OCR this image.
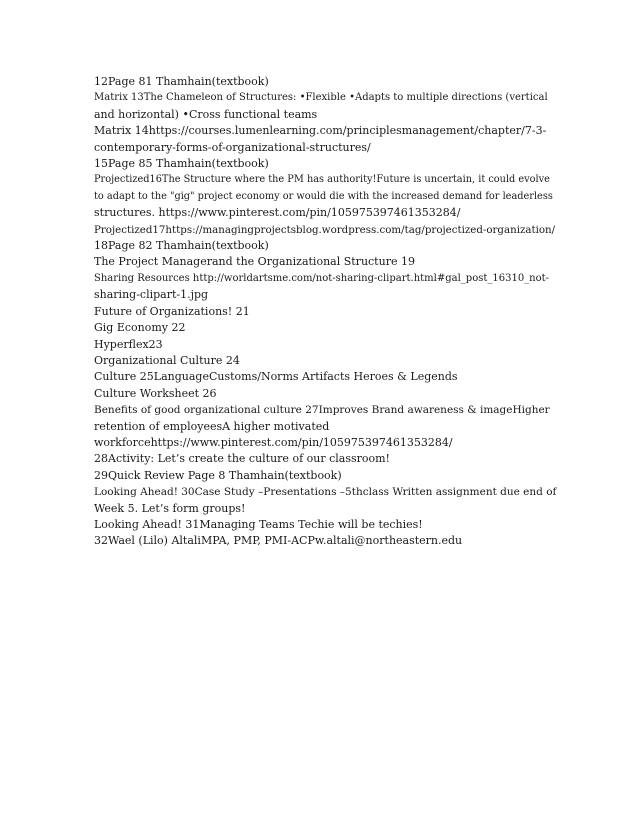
12Page 81 Thamhain(textbook)
Matrix 13The Chameleon of Structures: •Flexible •Adapts to multiple directions (vertical
and horizontal) •Cross functional teams
Matrix 14https://courses.lumenlearning.com/principlesmanagement/chapter/7-3-
contemporary-forms-of-organizational-structures/
15Page 85 Thamhain(textbook)
Projectized16The Structure where the PM has authority!Future is uncertain, it could evolve
to adapt to the "gig" project economy or would die with the increased demand for leaderless
structures. https://www.pinterest.com/pin/105975397461353284/
Projectized17https://managingprojectsblog.wordpress.com/tag/projectized-organization/
18Page 82 Thamhain(textbook)
The Project Managerand the Organizational Structure 19
Sharing Resources http://worldartsme.com/not-sharing-clipart.html#gal_post_16310_not-
sharing-clipart-1.jpg
Future of Organizations! 21
Gig Economy 22
Hyperflex23
Organizational Culture 24
Culture 25LanguageCustoms/Norms Artifacts Heroes & Legends
Culture Worksheet 26
Benefits of good organizational culture 27Improves Brand awareness & imageHigher
retention of employeesA higher motivated
workforcehttps://www.pinterest.com/pin/105975397461353284/
28Activity: Let’s create the culture of our classroom!
29Quick Review Page 8 Thamhain(textbook)
Looking Ahead! 30Case Study –Presentations –5thclass Written assignment due end of
Week 5. Let’s form groups!
Looking Ahead! 31Managing Teams Techie will be techies!
32Wael (Lilo) AltaliMPA, PMP, PMI-ACPw.altali@northeastern.edu
